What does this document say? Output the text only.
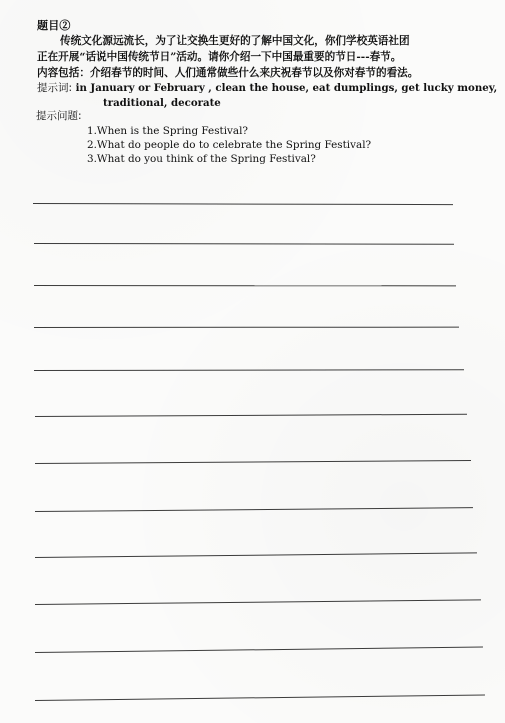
题目②
传统文化源远流长，为了让交换生更好的了解中国文化，你们学校英语社团
正在开展“话说中国传统节日”活动。请你介绍一下中国最重要的节日---春节。
内容包括：介绍春节的时间、人们通常做些什么来庆祝春节以及你对春节的看法。
提示词: in January or February , clean the house, eat dumplings, get lucky money,
traditional, decorate
提示问题:
1.When is the Spring Festival?
2.What do people do to celebrate the Spring Festival?
3.What do you think of the Spring Festival?
